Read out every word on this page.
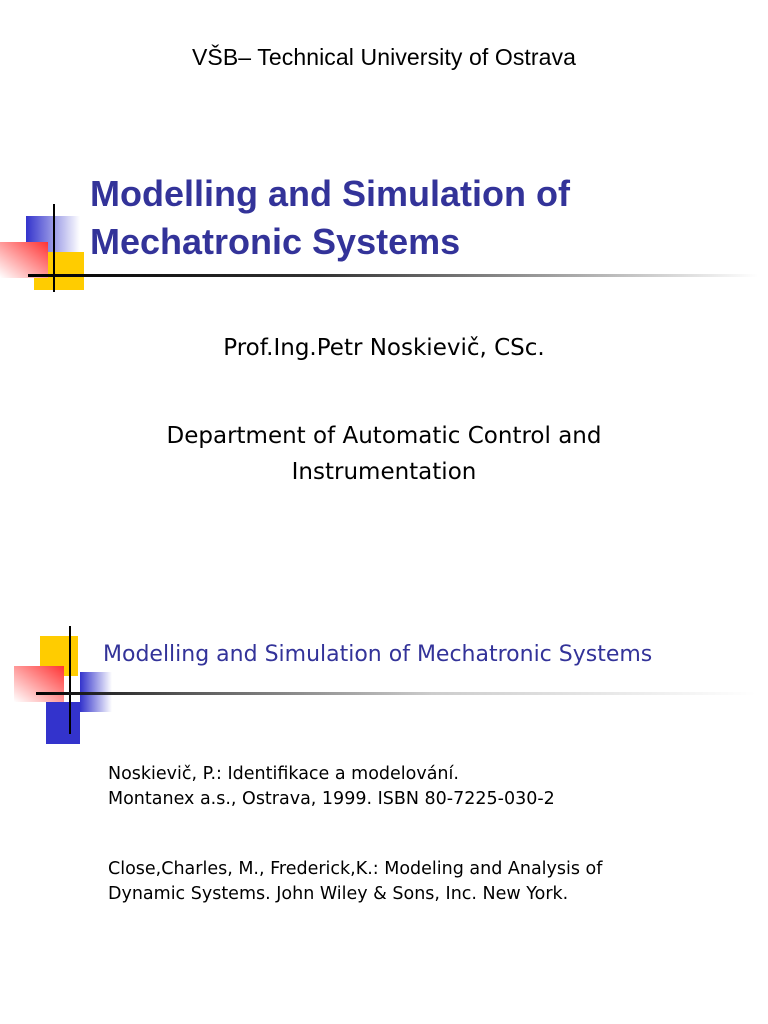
VŠB– Technical University of Ostrava
Modelling and Simulation of
Mechatronic Systems
Prof.Ing.Petr Noskievič, CSc.
Department of Automatic Control and
Instrumentation
Modelling and Simulation of Mechatronic Systems
Noskievič, P.: Identifikace a modelování.
Montanex a.s., Ostrava, 1999. ISBN 80-7225-030-2
Close,Charles, M., Frederick,K.: Modeling and Analysis of
Dynamic Systems. John Wiley & Sons, Inc. New York.
